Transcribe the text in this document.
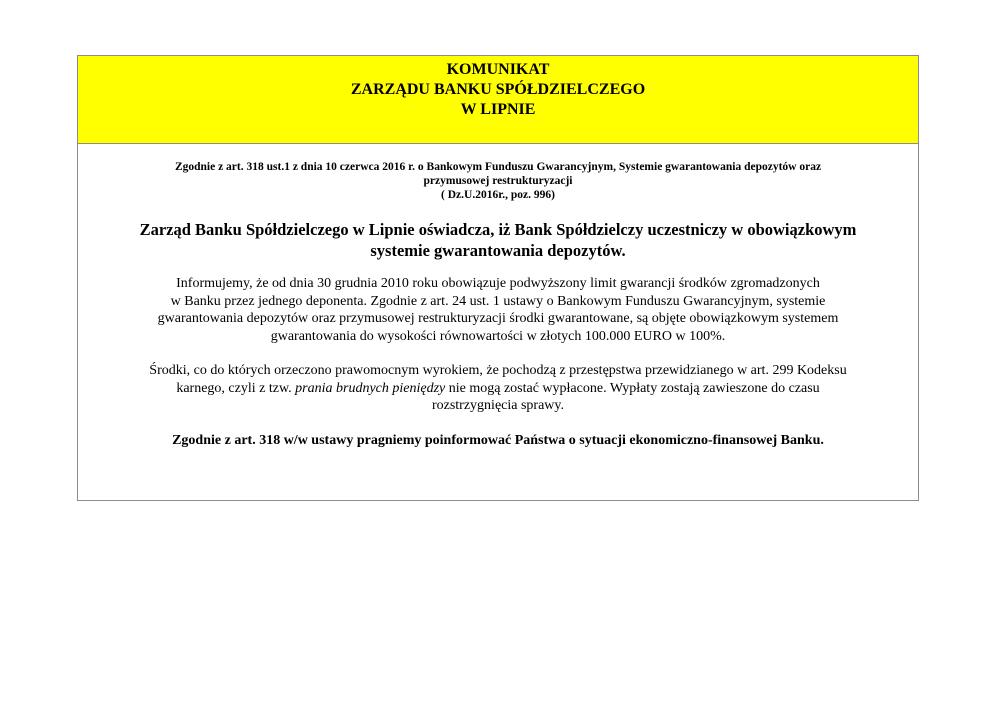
KOMUNIKAT
ZARZĄDU BANKU SPÓŁDZIELCZEGO
W LIPNIE
Zgodnie z art. 318 ust.1 z dnia 10 czerwca 2016 r. o Bankowym Funduszu Gwarancyjnym, Systemie gwarantowania depozytów oraz
przymusowej restrukturyzacji
( Dz.U.2016r., poz. 996)
Zarząd Banku Spółdzielczego w Lipnie oświadcza, iż Bank Spółdzielczy uczestniczy w obowiązkowym
systemie gwarantowania depozytów.
Informujemy, że od dnia 30 grudnia 2010 roku obowiązuje podwyższony limit gwarancji środków zgromadzonych
w Banku przez jednego deponenta. Zgodnie z art. 24 ust. 1 ustawy o Bankowym Funduszu Gwarancyjnym, systemie
gwarantowania depozytów oraz przymusowej restrukturyzacji środki gwarantowane, są objęte obowiązkowym systemem
gwarantowania do wysokości równowartości w złotych 100.000 EURO w 100%.
Środki, co do których orzeczono prawomocnym wyrokiem, że pochodzą z przestępstwa przewidzianego w art. 299 Kodeksu
karnego, czyli z tzw. prania brudnych pieniędzy nie mogą zostać wypłacone. Wypłaty zostają zawieszone do czasu
rozstrzygnięcia sprawy.
Zgodnie z art. 318 w/w ustawy pragniemy poinformować Państwa o sytuacji ekonomiczno-finansowej Banku.
